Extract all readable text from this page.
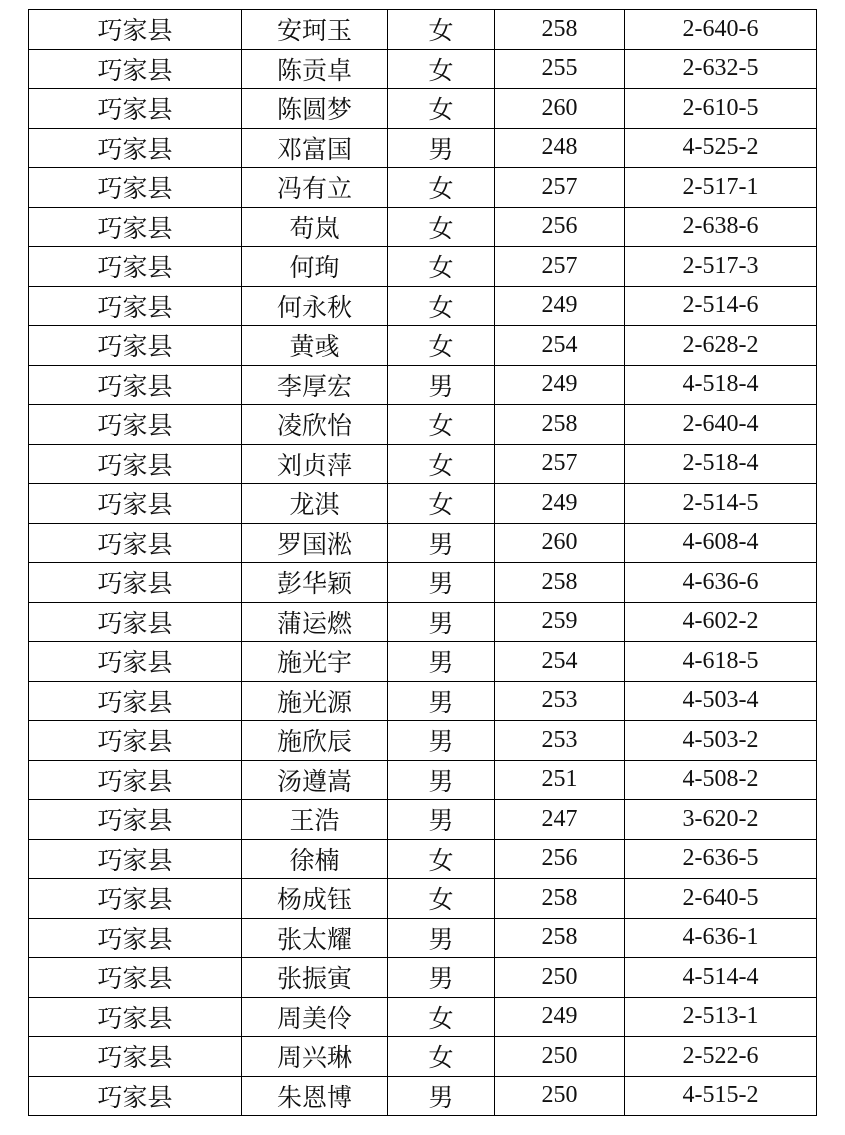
巧家县	安珂玉	女	258	2-640-6
巧家县	陈贡卓	女	255	2-632-5
巧家县	陈圆梦	女	260	2-610-5
巧家县	邓富国	男	248	4-525-2
巧家县	冯有立	女	257	2-517-1
巧家县	苟岚	女	256	2-638-6
巧家县	何珣	女	257	2-517-3
巧家县	何永秋	女	249	2-514-6
巧家县	黄彧	女	254	2-628-2
巧家县	李厚宏	男	249	4-518-4
巧家县	凌欣怡	女	258	2-640-4
巧家县	刘贞萍	女	257	2-518-4
巧家县	龙淇	女	249	2-514-5
巧家县	罗国淞	男	260	4-608-4
巧家县	彭华颖	男	258	4-636-6
巧家县	蒲运燃	男	259	4-602-2
巧家县	施光宇	男	254	4-618-5
巧家县	施光源	男	253	4-503-4
巧家县	施欣辰	男	253	4-503-2
巧家县	汤遵嵩	男	251	4-508-2
巧家县	王浩	男	247	3-620-2
巧家县	徐楠	女	256	2-636-5
巧家县	杨成钰	女	258	2-640-5
巧家县	张太耀	男	258	4-636-1
巧家县	张振寅	男	250	4-514-4
巧家县	周美伶	女	249	2-513-1
巧家县	周兴琳	女	250	2-522-6
巧家县	朱恩博	男	250	4-515-2
